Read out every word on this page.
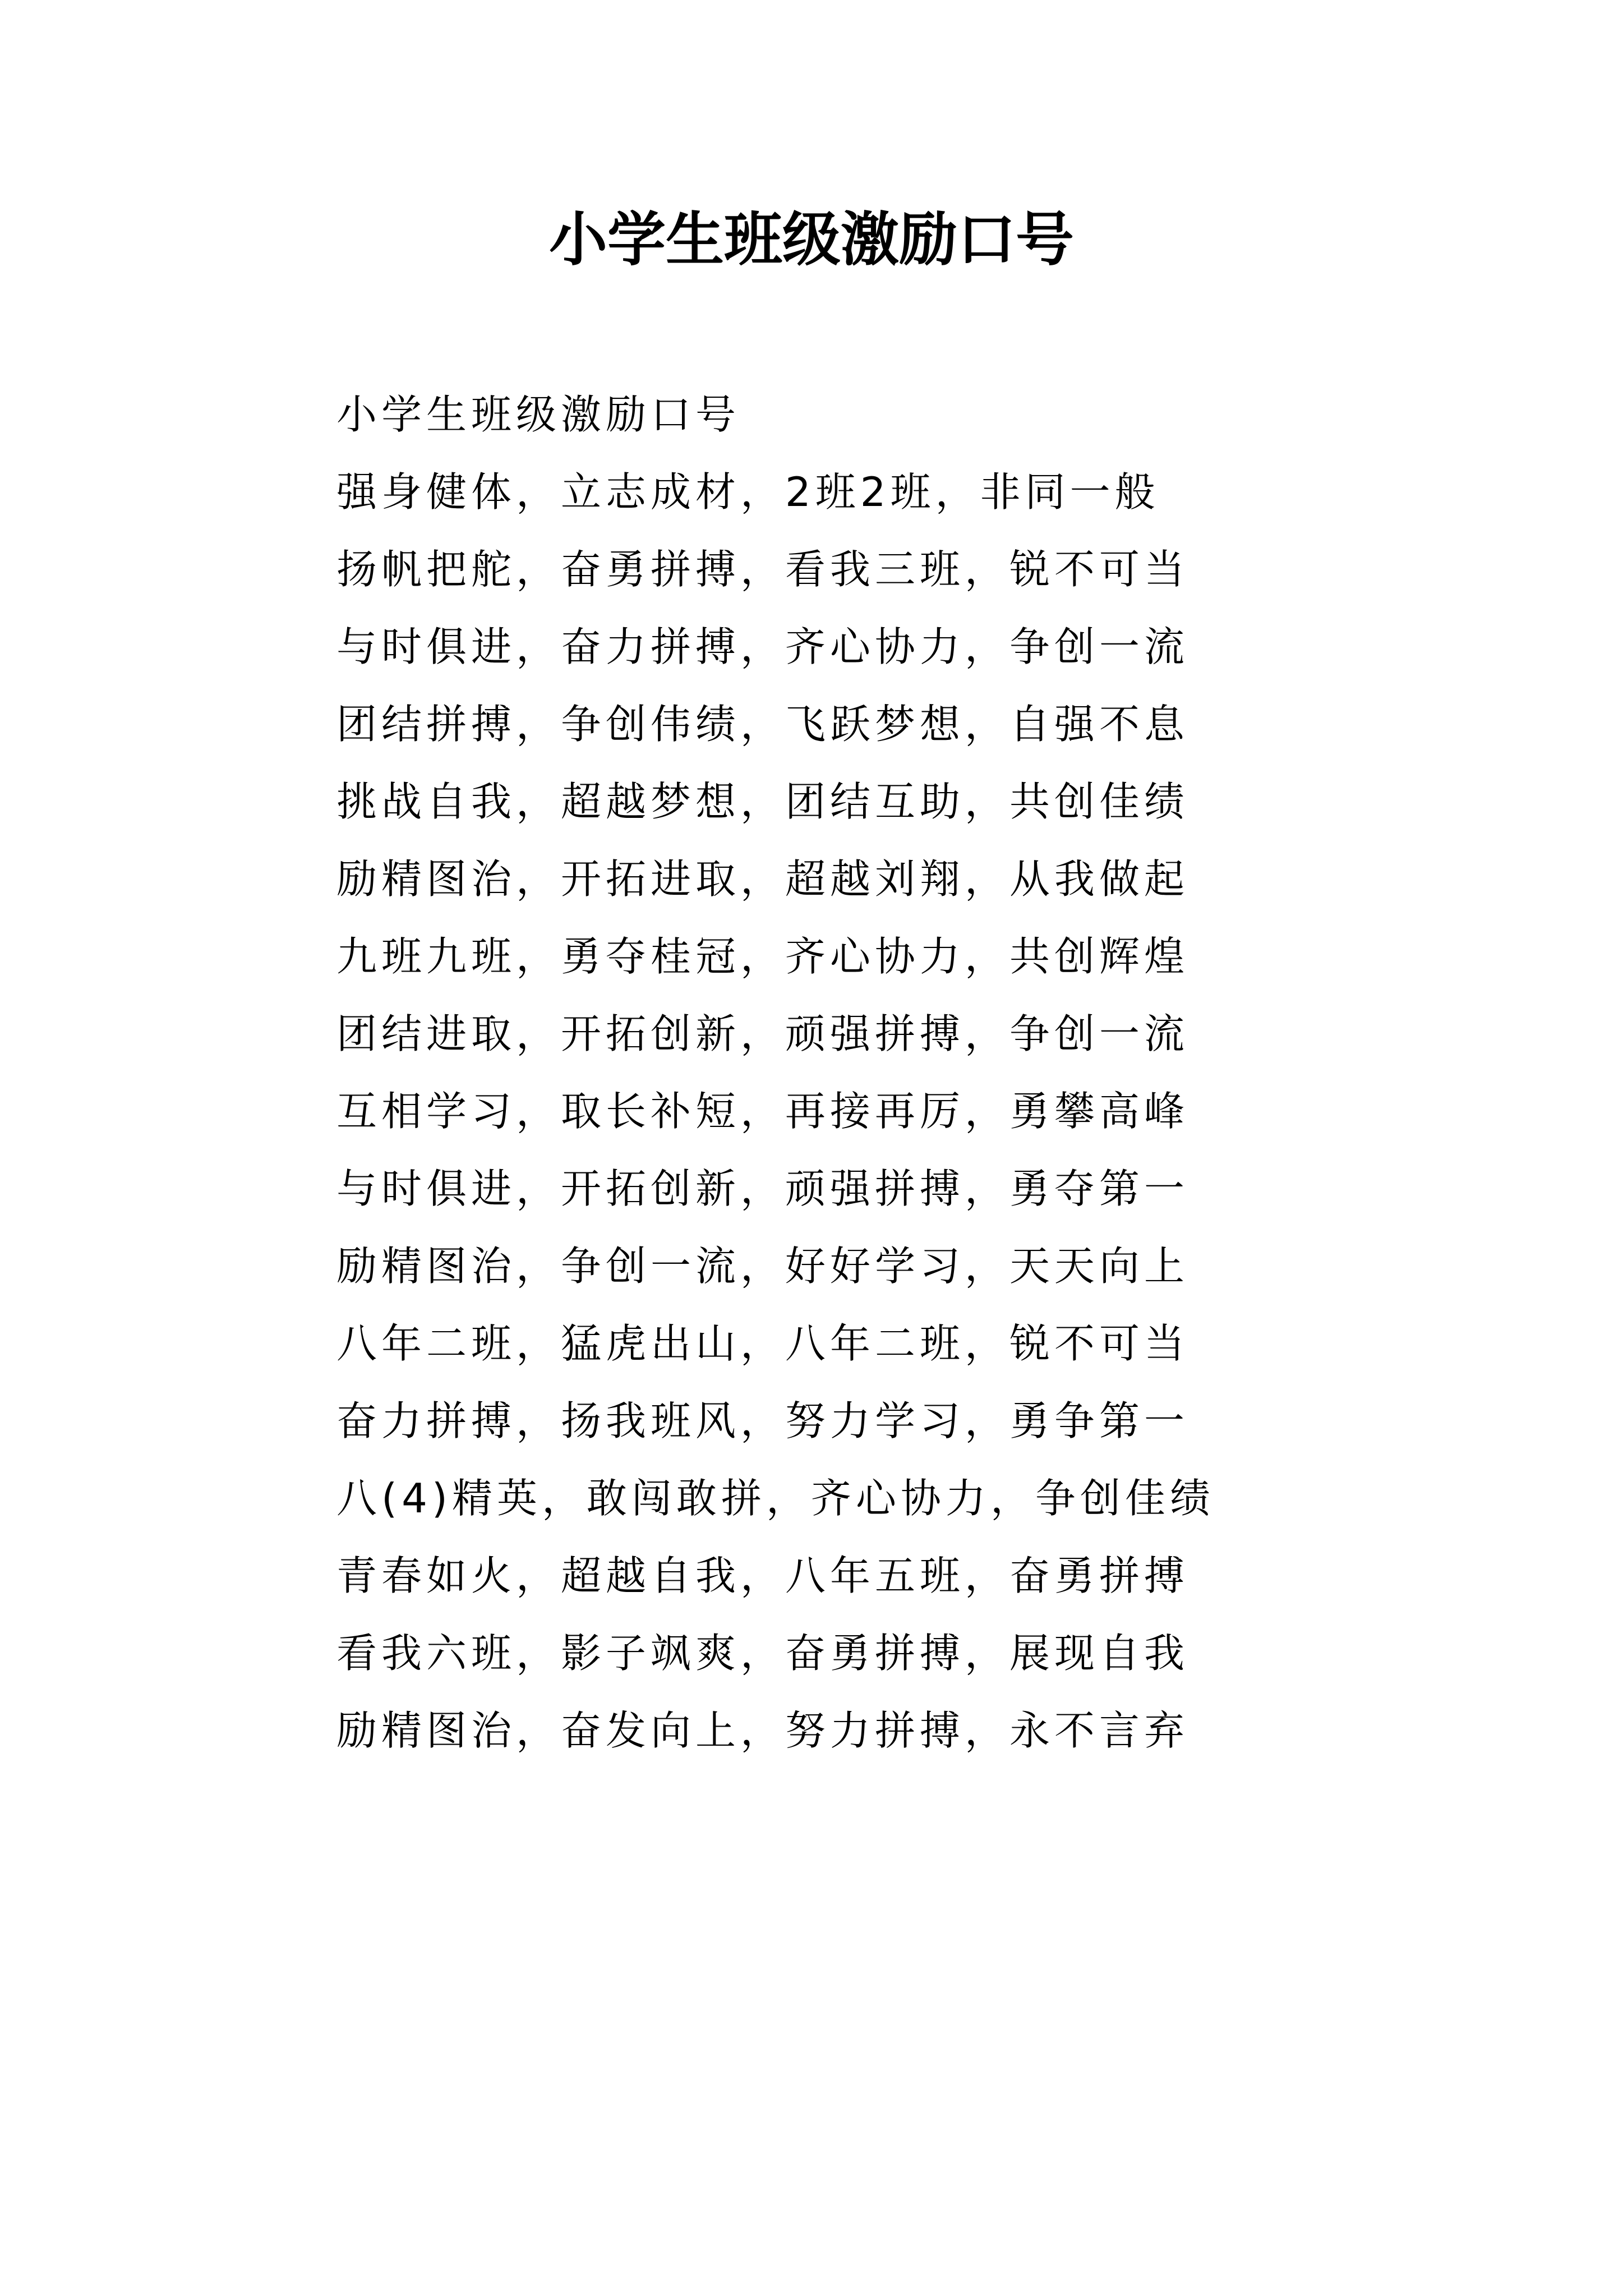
小学生班级激励口号

小学生班级激励口号

强身健体，立志成材，2班2班，非同一般

扬帆把舵，奋勇拼搏，看我三班，锐不可当

与时俱进，奋力拼搏，齐心协力，争创一流

团结拼搏，争创伟绩，飞跃梦想，自强不息

挑战自我，超越梦想，团结互助，共创佳绩

励精图治，开拓进取，超越刘翔，从我做起

九班九班，勇夺桂冠，齐心协力，共创辉煌

团结进取，开拓创新，顽强拼搏，争创一流

互相学习，取长补短，再接再厉，勇攀高峰

与时俱进，开拓创新，顽强拼搏，勇夺第一

励精图治，争创一流，好好学习，天天向上

八年二班，猛虎出山，八年二班，锐不可当

奋力拼搏，扬我班风，努力学习，勇争第一

八(4)精英，敢闯敢拼，齐心协力，争创佳绩

青春如火，超越自我，八年五班，奋勇拼搏

看我六班，影子飒爽，奋勇拼搏，展现自我

励精图治，奋发向上，努力拼搏，永不言弃
